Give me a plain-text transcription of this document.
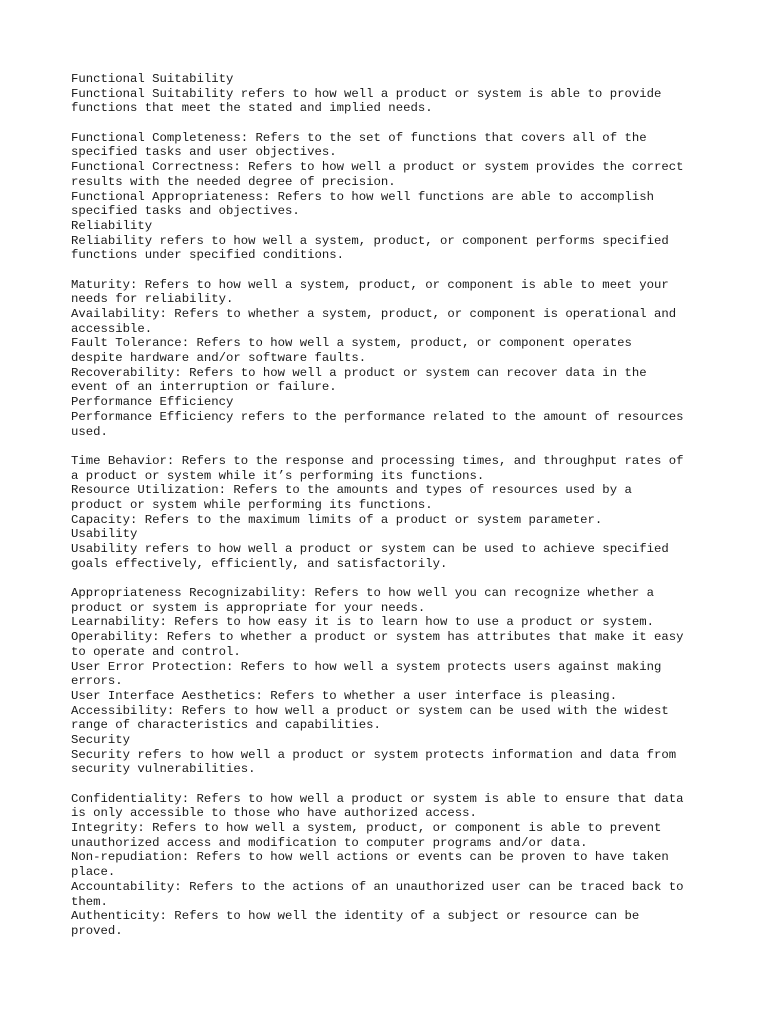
Functional Suitability
Functional Suitability refers to how well a product or system is able to provide
functions that meet the stated and implied needs.
Functional Completeness: Refers to the set of functions that covers all of the
specified tasks and user objectives.
Functional Correctness: Refers to how well a product or system provides the correct
results with the needed degree of precision.
Functional Appropriateness: Refers to how well functions are able to accomplish
specified tasks and objectives.
Reliability
Reliability refers to how well a system, product, or component performs specified
functions under specified conditions.
Maturity: Refers to how well a system, product, or component is able to meet your
needs for reliability.
Availability: Refers to whether a system, product, or component is operational and
accessible.
Fault Tolerance: Refers to how well a system, product, or component operates
despite hardware and/or software faults.
Recoverability: Refers to how well a product or system can recover data in the
event of an interruption or failure.
Performance Efficiency
Performance Efficiency refers to the performance related to the amount of resources
used.
Time Behavior: Refers to the response and processing times, and throughput rates of
a product or system while it’s performing its functions.
Resource Utilization: Refers to the amounts and types of resources used by a
product or system while performing its functions.
Capacity: Refers to the maximum limits of a product or system parameter.
Usability
Usability refers to how well a product or system can be used to achieve specified
goals effectively, efficiently, and satisfactorily.
Appropriateness Recognizability: Refers to how well you can recognize whether a
product or system is appropriate for your needs.
Learnability: Refers to how easy it is to learn how to use a product or system.
Operability: Refers to whether a product or system has attributes that make it easy
to operate and control.
User Error Protection: Refers to how well a system protects users against making
errors.
User Interface Aesthetics: Refers to whether a user interface is pleasing.
Accessibility: Refers to how well a product or system can be used with the widest
range of characteristics and capabilities.
Security
Security refers to how well a product or system protects information and data from
security vulnerabilities.
Confidentiality: Refers to how well a product or system is able to ensure that data
is only accessible to those who have authorized access.
Integrity: Refers to how well a system, product, or component is able to prevent
unauthorized access and modification to computer programs and/or data.
Non-repudiation: Refers to how well actions or events can be proven to have taken
place.
Accountability: Refers to the actions of an unauthorized user can be traced back to
them.
Authenticity: Refers to how well the identity of a subject or resource can be
proved.
